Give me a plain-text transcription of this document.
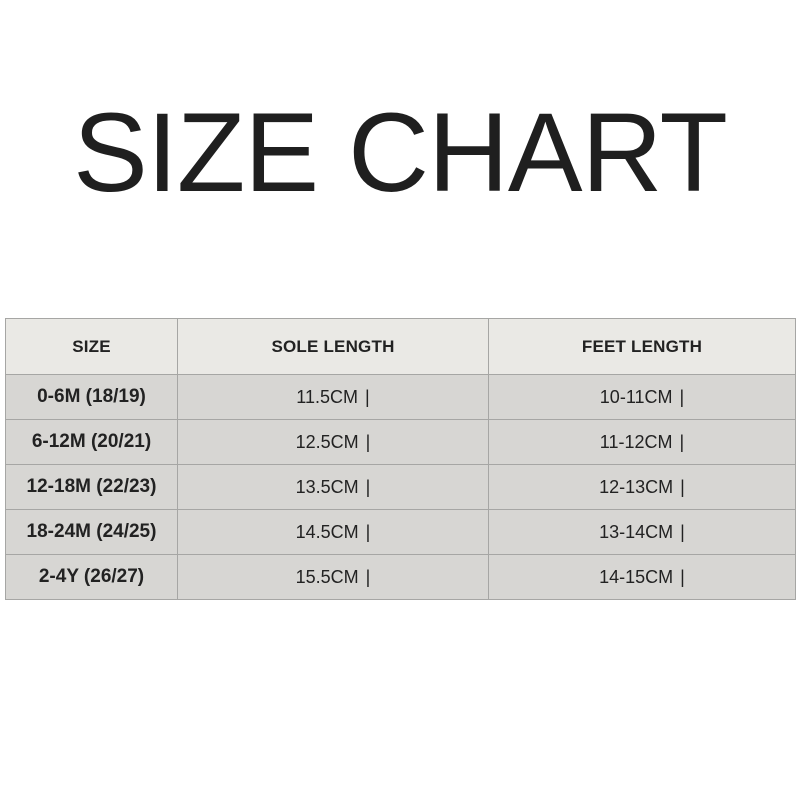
SIZE CHART
SIZE	SOLE LENGTH	FEET LENGTH
0-6M (18/19)	11.5CM |	10-11CM |
6-12M (20/21)	12.5CM |	11-12CM |
12-18M (22/23)	13.5CM |	12-13CM |
18-24M (24/25)	14.5CM |	13-14CM |
2-4Y (26/27)	15.5CM |	14-15CM |
